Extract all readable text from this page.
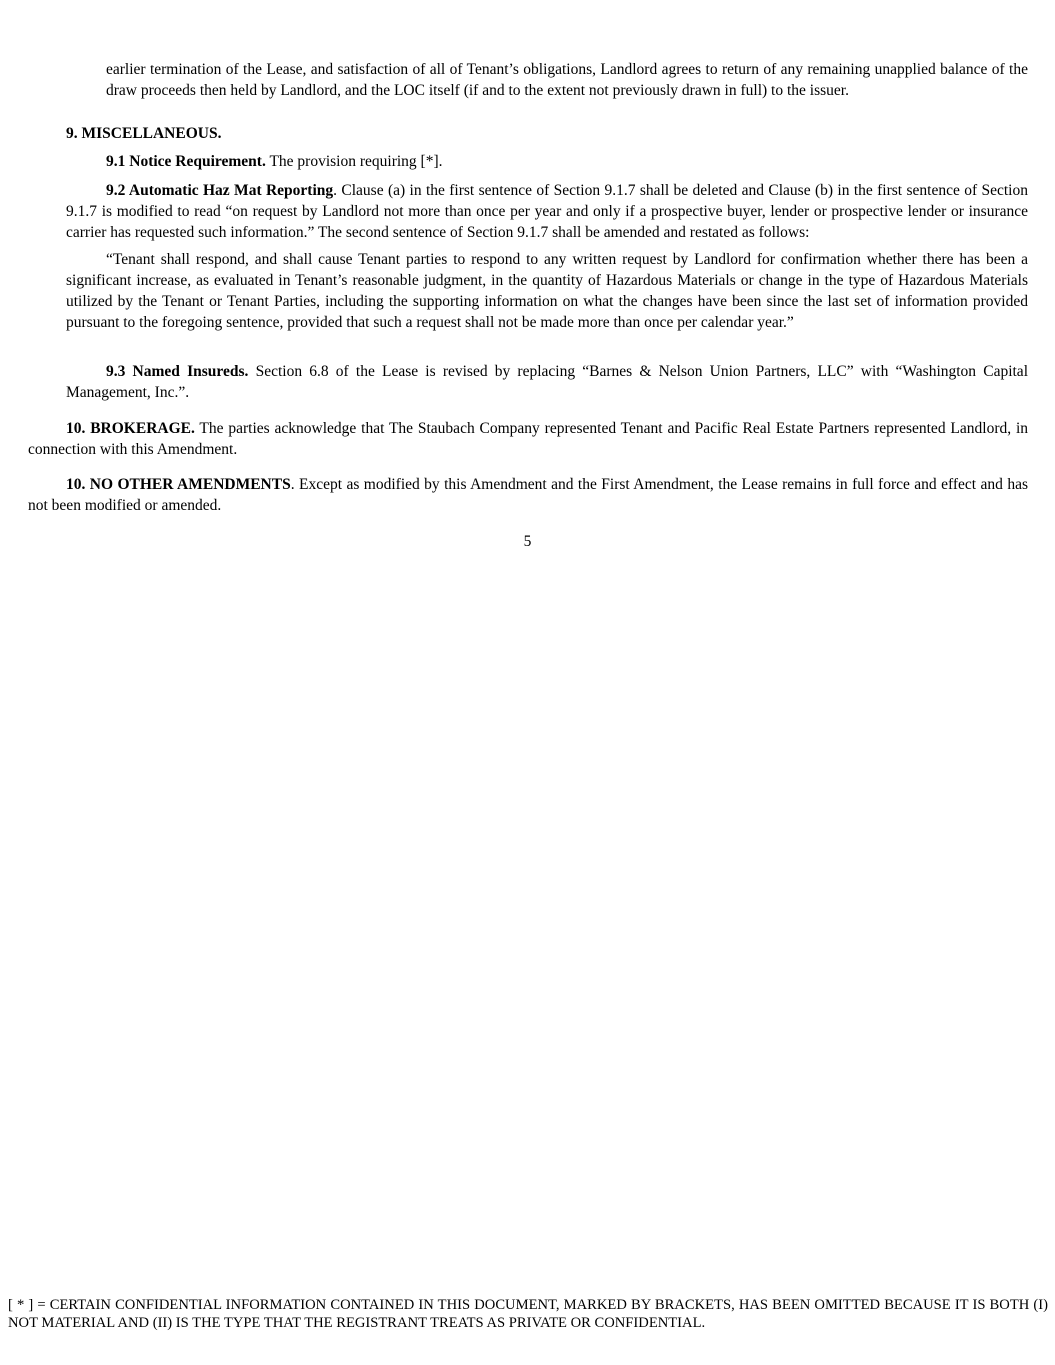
earlier termination of the Lease, and satisfaction of all of Tenant’s obligations, Landlord agrees to return of any remaining unapplied balance of the draw proceeds then held by Landlord, and the LOC itself (if and to the extent not previously drawn in full) to the issuer.

9. MISCELLANEOUS.

9.1 Notice Requirement. The provision requiring [*].

9.2 Automatic Haz Mat Reporting. Clause (a) in the first sentence of Section 9.1.7 shall be deleted and Clause (b) in the first sentence of Section 9.1.7 is modified to read “on request by Landlord not more than once per year and only if a prospective buyer, lender or prospective lender or insurance carrier has requested such information.” The second sentence of Section 9.1.7 shall be amended and restated as follows:

“Tenant shall respond, and shall cause Tenant parties to respond to any written request by Landlord for confirmation whether there has been a significant increase, as evaluated in Tenant’s reasonable judgment, in the quantity of Hazardous Materials or change in the type of Hazardous Materials utilized by the Tenant or Tenant Parties, including the supporting information on what the changes have been since the last set of information provided pursuant to the foregoing sentence, provided that such a request shall not be made more than once per calendar year.”

9.3 Named Insureds. Section 6.8 of the Lease is revised by replacing “Barnes & Nelson Union Partners, LLC” with “Washington Capital Management, Inc.”.

10. BROKERAGE. The parties acknowledge that The Staubach Company represented Tenant and Pacific Real Estate Partners represented Landlord, in connection with this Amendment.

10. NO OTHER AMENDMENTS. Except as modified by this Amendment and the First Amendment, the Lease remains in full force and effect and has not been modified or amended.

5
[ * ] = CERTAIN CONFIDENTIAL INFORMATION CONTAINED IN THIS DOCUMENT, MARKED BY BRACKETS, HAS BEEN OMITTED BECAUSE IT IS BOTH (I) NOT MATERIAL AND (II) IS THE TYPE THAT THE REGISTRANT TREATS AS PRIVATE OR CONFIDENTIAL.
